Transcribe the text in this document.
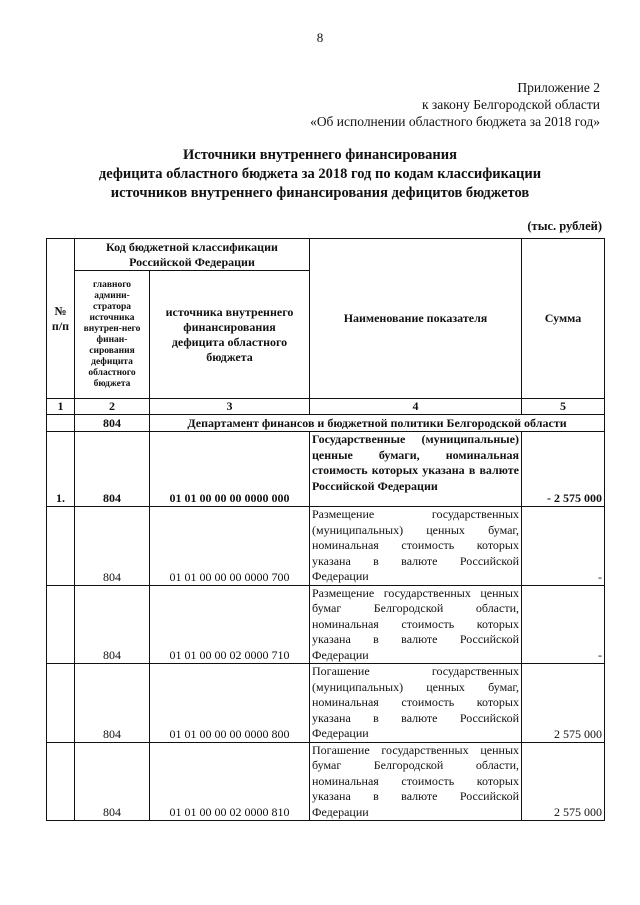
8
Приложение 2
к закону Белгородской области
«Об исполнении областного бюджета за 2018 год»
Источники внутреннего финансирования
дефицита областного бюджета за 2018 год по кодам классификации
источников внутреннего финансирования дефицитов бюджетов
(тыс. рублей)
№ п/п	Код бюджетной классификации Российской Федерации		Наименование показателя	Сумма
	главного админи-стратора источника внутрен-него финан-сирования дефицита областного бюджета	источника внутреннего финансирования дефицита областного бюджета		
1	2	3	4	5
	804	Департамент финансов и бюджетной политики Белгородской области		
1.	804	01 01 00 00 00 0000 000	Государственные (муниципальные) ценные бумаги, номинальная стоимость которых указана в валюте Российской Федерации	- 2 575 000
	804	01 01 00 00 00 0000 700	Размещение государственных (муниципальных) ценных бумаг, номинальная стоимость которых указана в валюте Российской Федерации	-
	804	01 01 00 00 02 0000 710	Размещение государственных ценных бумаг Белгородской области, номинальная стоимость которых указана в валюте Российской Федерации	-
	804	01 01 00 00 00 0000 800	Погашение государственных (муниципальных) ценных бумаг, номинальная стоимость которых указана в валюте Российской Федерации	2 575 000
	804	01 01 00 00 02 0000 810	Погашение государственных ценных бумаг Белгородской области, номинальная стоимость которых указана в валюте Российской Федерации	2 575 000
